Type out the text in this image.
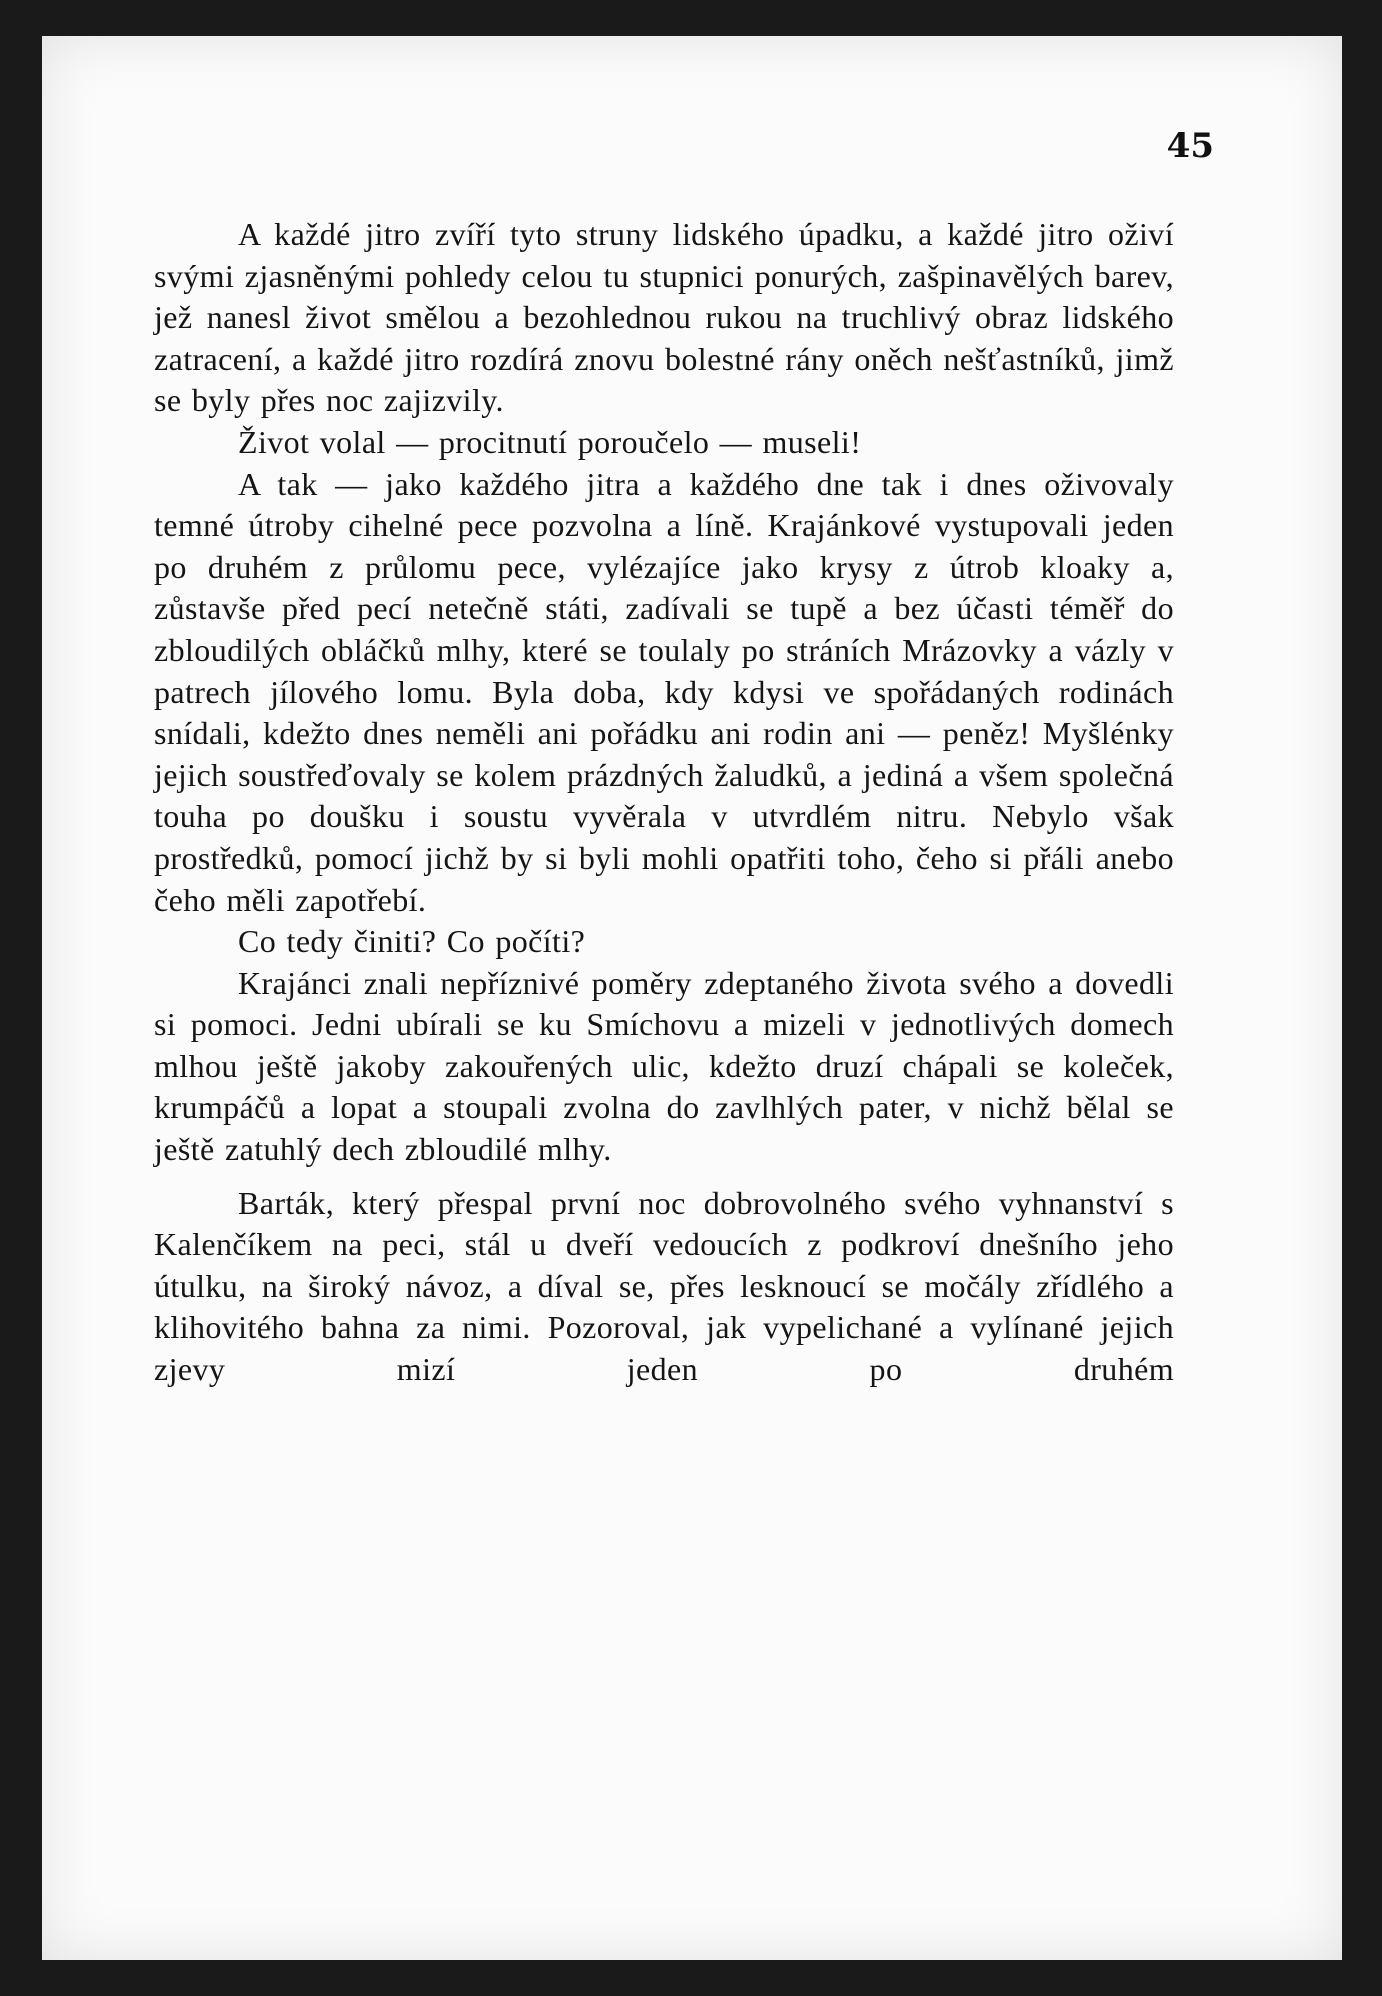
45

A každé jitro zvíří tyto struny lidského úpadku, a každé jitro oživí svými zjasněnými pohledy celou tu stupnici ponurých, zašpinavělých barev, jež nanesl život smělou a bezohlednou rukou na truchlivý obraz lidského zatracení, a každé jitro rozdírá znovu bolestné rány oněch nešťastníků, jimž se byly přes noc zajizvily.

Život volal — procitnutí poroučelo — museli!

A tak — jako každého jitra a každého dne tak i dnes oživovaly temné útroby cihelné pece pozvolna a líně. Krajánkové vystupovali jeden po druhém z průlomu pece, vylézajíce jako krysy z útrob kloaky a, zůstavše před pecí netečně státi, zadívali se tupě a bez účasti téměř do zbloudilých obláčků mlhy, které se toulaly po stráních Mrázovky a vázly v patrech jílového lomu. Byla doba, kdy kdysi ve spořádaných rodinách snídali, kdežto dnes neměli ani pořádku ani rodin ani — peněz! Myšlénky jejich soustřeďovaly se kolem prázdných žaludků, a jediná a všem společná touha po doušku i soustu vyvěrala v utvrdlém nitru. Nebylo však prostředků, pomocí jichž by si byli mohli opatřiti toho, čeho si přáli anebo čeho měli zapotřebí.

Co tedy činiti? Co počíti?

Krajánci znali nepříznivé poměry zdeptaného života svého a dovedli si pomoci. Jedni ubírali se ku Smíchovu a mizeli v jednotlivých domech mlhou ještě jakoby zakouřených ulic, kdežto druzí chápali se koleček, krumpáčů a lopat a stoupali zvolna do zavlhlých pater, v nichž bělal se ještě zatuhlý dech zbloudilé mlhy.

Barták, který přespal první noc dobrovolného svého vyhnanství s Kalenčíkem na peci, stál u dveří vedoucích z podkroví dnešního jeho útulku, na široký návoz, a díval se, přes lesknoucí se močály zřídlého a klihovitého bahna za nimi. Pozoroval, jak vypelichané a vylínané jejich zjevy mizí jeden po druhém
